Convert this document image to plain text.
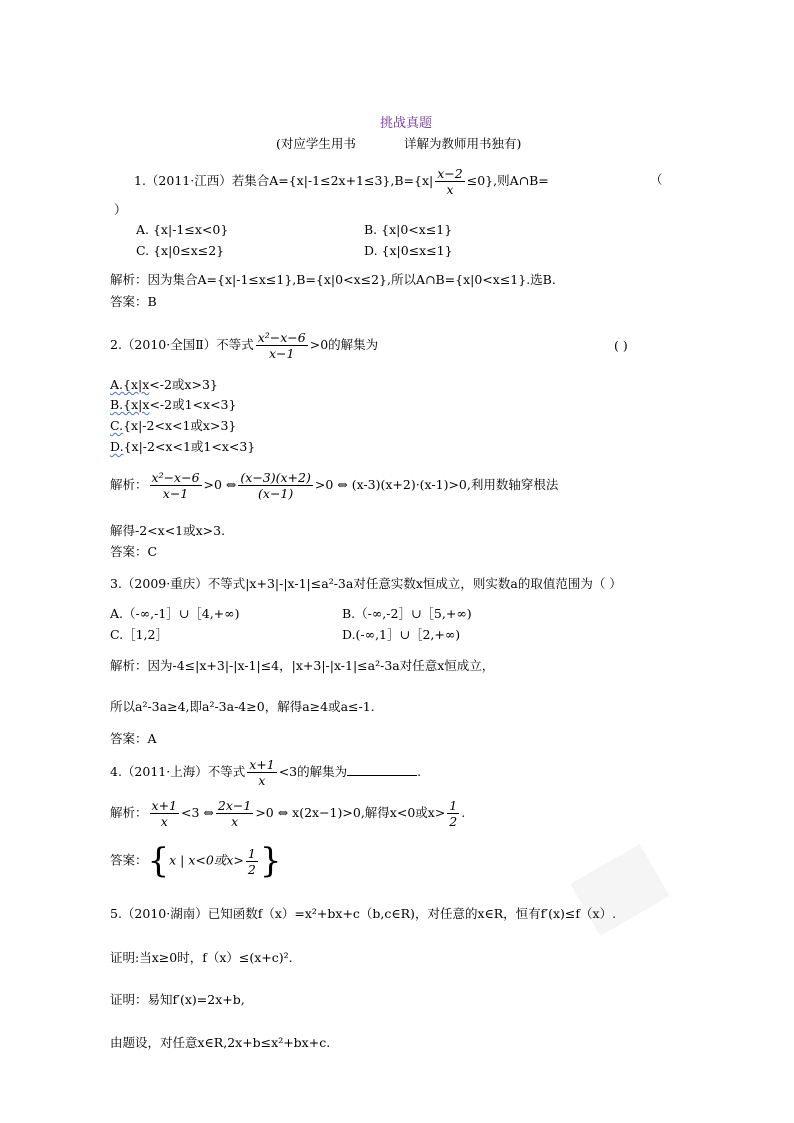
挑战真题
(对应学生用书	详解为教师用书独有)
1.（2011·江西）若集合$A=\{x|-1\le 2x+1\le 3\},B=\{x| \frac{x-2}{x} \le 0\}$,则A∩B=	（
）
A. {x|-1≤x<0}	B. {x|0<x≤1}
C. {x|0≤x≤2}	D. {x|0≤x≤1}
解析：因为集合A={x|-1≤x≤1},B={x|0<x≤2},所以A∩B={x|0<x≤1}.选B.
答案：B
2.（2010·全国Ⅱ）不等式 $\frac{\text{x²−x−6}}{x-1} >0$的解集为	( )
A.{x|x<-2或x>3}
B.{x|x<-2或1<x<3}
C.{x|-2<x<1或x>3}
D.{x|-2<x<1或1<x<3}
解析： $\frac{\text{x²−x−6}}{x-1} >0$ ⇔ $\frac{(x-3)(x+2)}{(x-1)} >0$ ⇔ (x-3)(x+2)·(x-1)>0,利用数轴穿根法
解得-2<x<1或x>3.
答案：C
3.（2009·重庆）不等式|x+3|-|x-1|≤a²-3a对任意实数x恒成立，则实数a的取值范围为（ ）
A.（-∞,-1］∪［4,+∞)	B.（-∞,-2］∪［5,+∞)
C.［1,2］	D.(-∞,1］∪［2,+∞)
解析：因为-4≤|x+3|-|x-1|≤4，|x+3|-|x-1|≤a²-3a对任意x恒成立，
所以a²-3a≥4,即a²-3a-4≥0，解得a≥4或a≤-1.
答案：A
4.（2011·上海）不等式 $\frac{x+1}{x} <3$的解集为	.
解析： $\frac{x+1}{x} <3$ ⇔ $\frac{2x-1}{x} >0$ ⇔ x(2x−1)>0,解得x<0或$x> \frac{1}{2}$ .
答案：{x | x<0或$x> \frac{1}{2}$ }
5.（2010·湖南）已知函数f（x）=x²+bx+c（b,c∈R)，对任意的x∈R，恒有f′(x)≤f（x）.
证明:当x≥0时，f（x）≤(x+c)².
证明：易知f′(x)=2x+b,
由题设，对任意x∈R,2x+b≤x²+bx+c.
